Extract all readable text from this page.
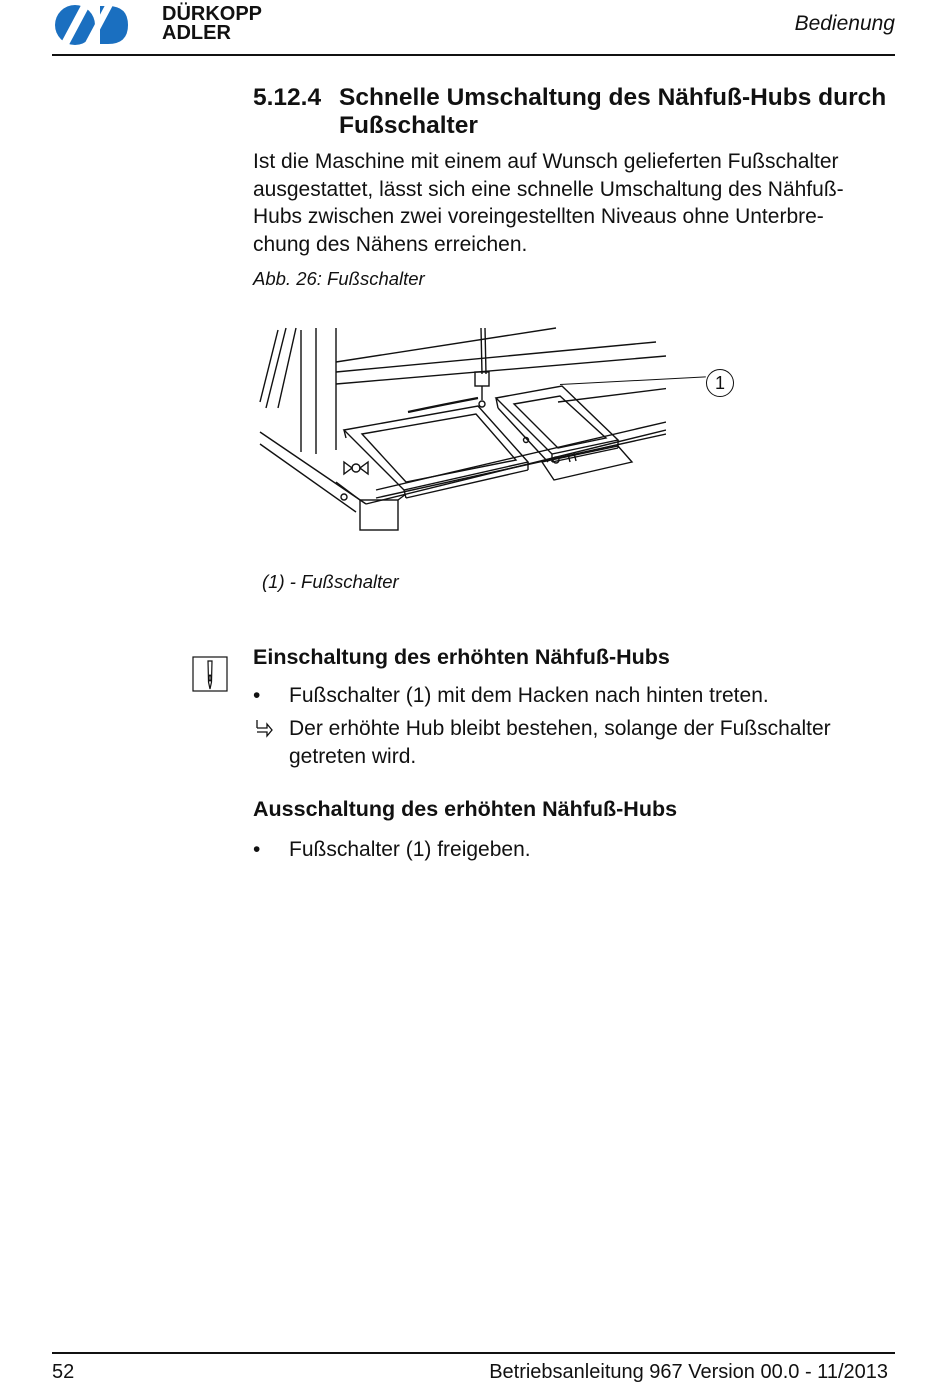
DÜRKOPP
ADLER	Bedienung
5.12.4 Schnelle Umschaltung des Nähfuß-Hubs durch
Fußschalter
Ist die Maschine mit einem auf Wunsch gelieferten Fußschalter
ausgestattet, lässt sich eine schnelle Umschaltung des Nähfuß-
Hubs zwischen zwei voreingestellten Niveaus ohne Unterbre-
chung des Nähens erreichen.
Abb. 26: Fußschalter
1
(1) - Fußschalter
Einschaltung des erhöhten Nähfuß-Hubs
•	Fußschalter (1) mit dem Hacken nach hinten treten.
Der erhöhte Hub bleibt bestehen, solange der Fußschalter
getreten wird.
Ausschaltung des erhöhten Nähfuß-Hubs
•	Fußschalter (1) freigeben.
52	Betriebsanleitung 967 Version 00.0 - 11/2013
